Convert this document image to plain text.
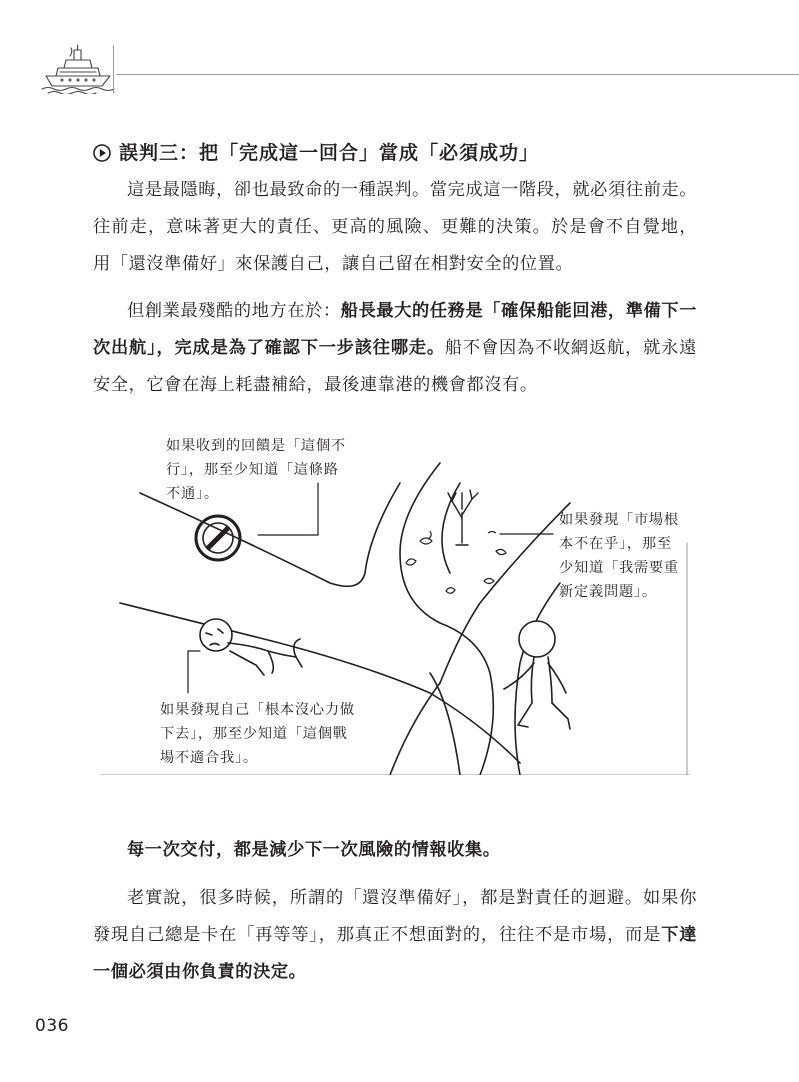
誤判三：把「完成這一回合」當成「必須成功」

這是最隱晦，卻也最致命的一種誤判。當完成這一階段，就必須往前走。往前走，意味著更大的責任、更高的風險、更難的決策。於是會不自覺地，用「還沒準備好」來保護自己，讓自己留在相對安全的位置。

但創業最殘酷的地方在於：船長最大的任務是「確保船能回港，準備下一次出航」，完成是為了確認下一步該往哪走。船不會因為不收網返航，就永遠安全，它會在海上耗盡補給，最後連靠港的機會都沒有。

如果收到的回饋是「這個不
行」，那至少知道「這條路
不通」。

如果發現「市場根
本不在乎」，那至
少知道「我需要重
新定義問題」。

如果發現自己「根本沒心力做
下去」，那至少知道「這個戰
場不適合我」。

每一次交付，都是減少下一次風險的情報收集。

老實說，很多時候，所謂的「還沒準備好」，都是對責任的迴避。如果你發現自己總是卡在「再等等」，那真正不想面對的，往往不是市場，而是下達一個必須由你負責的決定。

036
